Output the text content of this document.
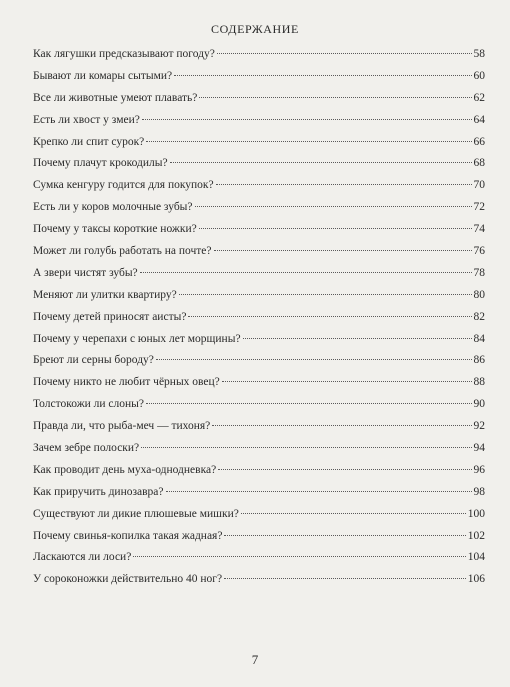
СОДЕРЖАНИЕ
Как лягушки предсказывают погоду?	58
Бывают ли комары сытыми?	60
Все ли животные умеют плавать?	62
Есть ли хвост у змеи?	64
Крепко ли спит сурок?	66
Почему плачут крокодилы?	68
Сумка кенгуру годится для покупок?	70
Есть ли у коров молочные зубы?	72
Почему у таксы короткие ножки?	74
Может ли голубь работать на почте?	76
А звери чистят зубы?	78
Меняют ли улитки квартиру?	80
Почему детей приносят аисты?	82
Почему у черепахи с юных лет морщины?	84
Бреют ли серны бороду?	86
Почему никто не любит чёрных овец?	88
Толстокожи ли слоны?	90
Правда ли, что рыба-меч — тихоня?	92
Зачем зебре полоски?	94
Как проводит день муха-однодневка?	96
Как приручить динозавра?	98
Существуют ли дикие плюшевые мишки?	100
Почему свинья-копилка такая жадная?	102
Ласкаются ли лоси?	104
У сороконожки действительно 40 ног?	106
7
